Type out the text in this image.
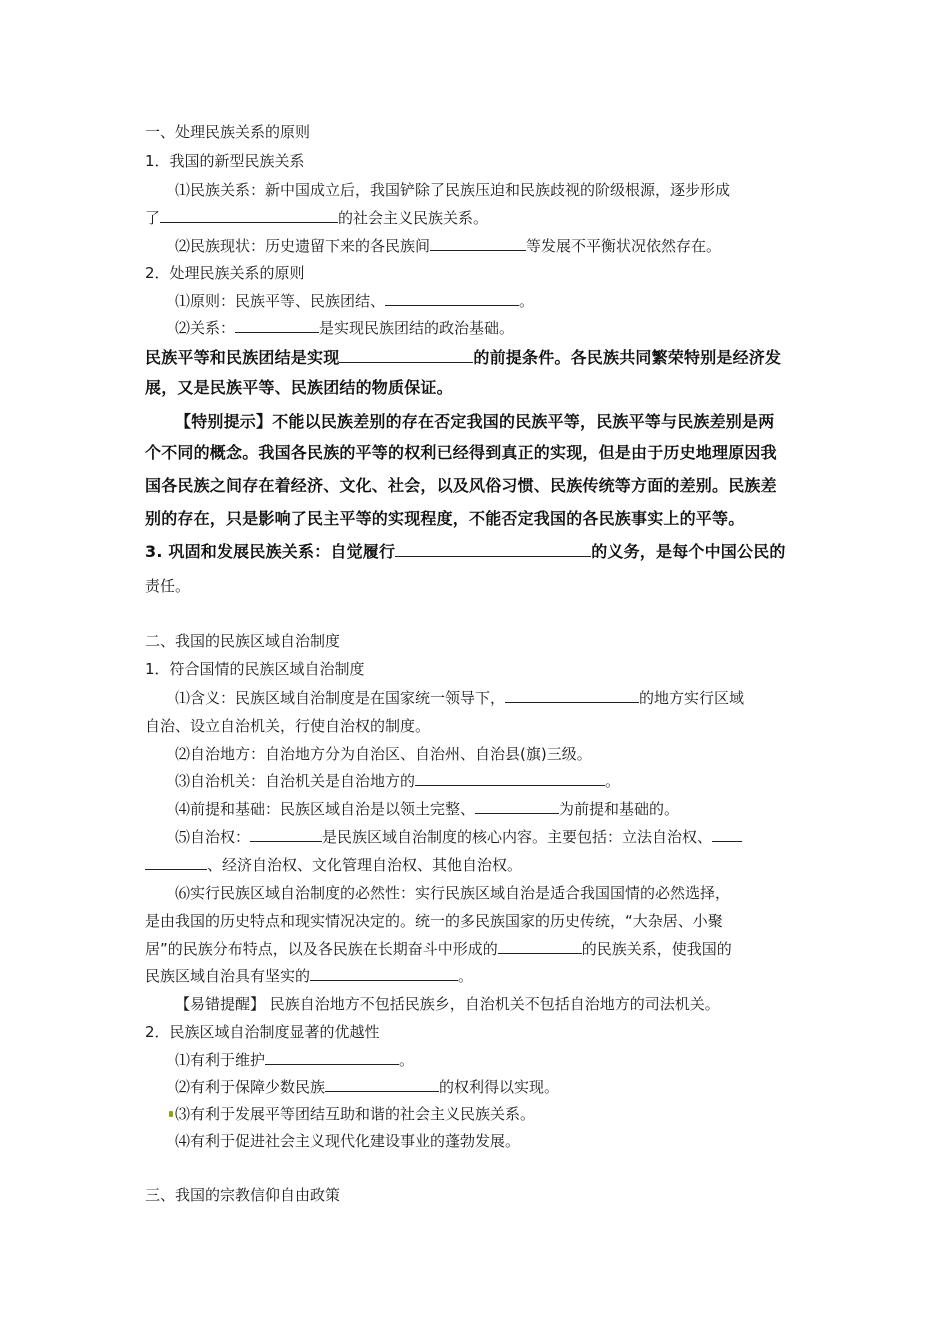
一、处理民族关系的原则
1．我国的新型民族关系
⑴民族关系：新中国成立后，我国铲除了民族压迫和民族歧视的阶级根源，逐步形成
了	的社会主义民族关系。
⑵民族现状：历史遗留下来的各民族间	等发展不平衡状况依然存在。
2．处理民族关系的原则
⑴原则：民族平等、民族团结、	。
⑵关系：	是实现民族团结的政治基础。
民族平等和民族团结是实现	的前提条件。各民族共同繁荣特别是经济发
展，又是民族平等、民族团结的物质保证。
【特别提示】不能以民族差别的存在否定我国的民族平等，民族平等与民族差别是两
个不同的概念。我国各民族的平等的权利已经得到真正的实现，但是由于历史地理原因我
国各民族之间存在着经济、文化、社会，以及风俗习惯、民族传统等方面的差别。民族差
别的存在，只是影响了民主平等的实现程度，不能否定我国的各民族事实上的平等。
3. 巩固和发展民族关系：自觉履行	的义务，是每个中国公民的
责任。
二、我国的民族区域自治制度
1．符合国情的民族区域自治制度
⑴含义：民族区域自治制度是在国家统一领导下，	的地方实行区域
自治、设立自治机关，行使自治权的制度。
⑵自治地方：自治地方分为自治区、自治州、自治县(旗)三级。
⑶自治机关：自治机关是自治地方的	。
⑷前提和基础：民族区域自治是以领土完整、	为前提和基础的。
⑸自治权：	是民族区域自治制度的核心内容。主要包括：立法自治权、
、经济自治权、文化管理自治权、其他自治权。
⑹实行民族区域自治制度的必然性：实行民族区域自治是适合我国国情的必然选择，
是由我国的历史特点和现实情况决定的。统一的多民族国家的历史传统，“大杂居、小聚
居”的民族分布特点，以及各民族在长期奋斗中形成的	的民族关系，使我国的
民族区域自治具有坚实的	。
【易错提醒】 民族自治地方不包括民族乡，自治机关不包括自治地方的司法机关。
2．民族区域自治制度显著的优越性
⑴有利于维护	。
⑵有利于保障少数民族	的权利得以实现。
⑶有利于发展平等团结互助和谐的社会主义民族关系。
⑷有利于促进社会主义现代化建设事业的蓬勃发展。
三、我国的宗教信仰自由政策
